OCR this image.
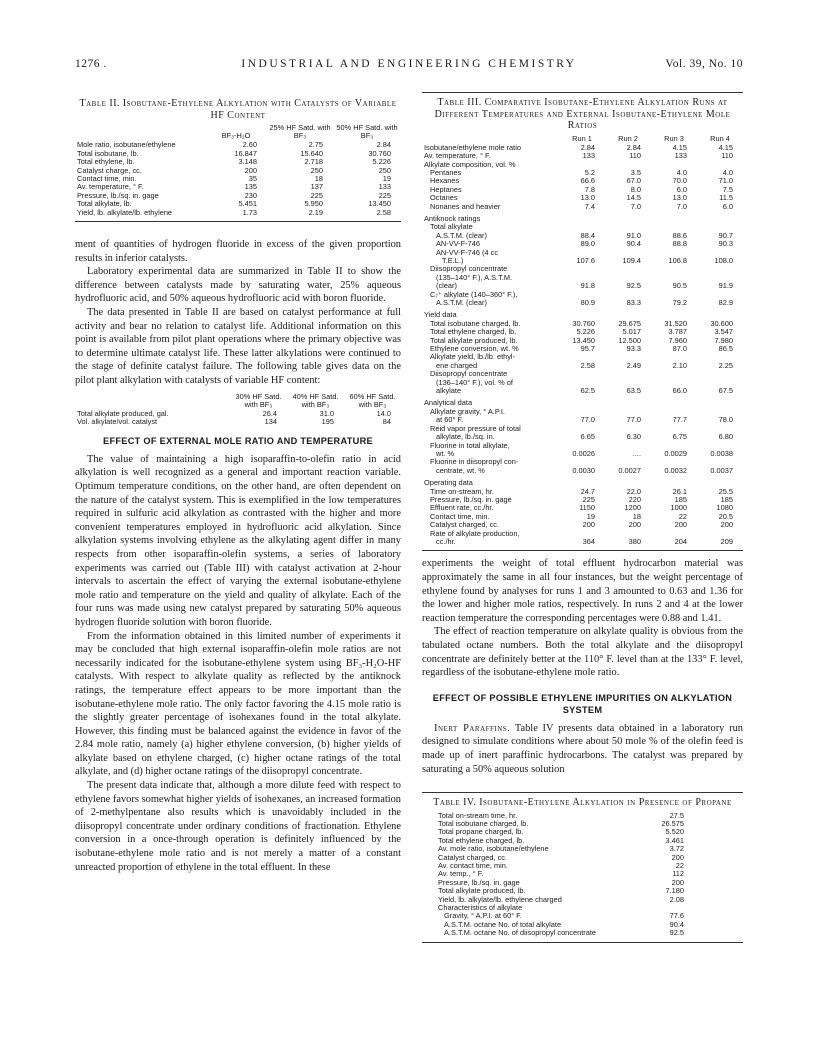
1276 .	INDUSTRIAL AND ENGINEERING CHEMISTRY	Vol. 39, No. 10
Table II. Isobutane-Ethylene Alkylation with Catalysts of Variable HF Content
	BF₃-H₂O	25% HF Satd. with BF₃	50% HF Satd. with BF₃
Mole ratio, isobutane/ethylene	2.60	2.75	2.84
Total isobutane, lb.	16.847	15.640	30.760
Total ethylene, lb.	3.148	2.718	5.226
Catalyst charge, cc.	200	250	250
Contact time, min.	35	18	19
Av. temperature, ° F.	135	137	133
Pressure, lb./sq. in. gage	230	225	225
Total alkylate, lb.	5.451	5.950	13.450
Yield, lb. alkylate/lb. ethylene	1.73	2.19	2.58

ment of quantities of hydrogen fluoride in excess of the given proportion results in inferior catalysts.

Laboratory experimental data are summarized in Table II to show the difference between catalysts made by saturating water, 25% aqueous hydrofluoric acid, and 50% aqueous hydrofluoric acid with boron fluoride.

The data presented in Table II are based on catalyst performance at full activity and bear no relation to catalyst life. Additional information on this point is available from pilot plant operations where the primary objective was to determine ultimate catalyst life. These latter alkylations were continued to the stage of definite catalyst failure. The following table gives data on the pilot plant alkylation with catalysts of variable HF content:

	30% HF Satd. with BF₃	40% HF Satd. with BF₃	60% HF Satd. with BF₃
Total alkylate produced, gal.	26.4	31.0	14.0
Vol. alkylate/vol. catalyst	134	195	84
EFFECT OF EXTERNAL MOLE RATIO AND TEMPERATURE

The value of maintaining a high isoparaffin-to-olefin ratio in acid alkylation is well recognized as a general and important reaction variable. Optimum temperature conditions, on the other hand, are often dependent on the nature of the catalyst system. This is exemplified in the low temperatures required in sulfuric acid alkylation as contrasted with the higher and more convenient temperatures employed in hydrofluoric acid alkylation. Since alkylation systems involving ethylene as the alkylating agent differ in many respects from other isoparaffin-olefin systems, a series of laboratory experiments was carried out (Table III) with catalyst activation at 2-hour intervals to ascertain the effect of varying the external isobutane-ethylene mole ratio and temperature on the yield and quality of alkylate. Each of the four runs was made using new catalyst prepared by saturating 50% aqueous hydrogen fluoride solution with boron fluoride.

From the information obtained in this limited number of experiments it may be concluded that high external isoparaffin-olefin mole ratios are not necessarily indicated for the isobutane-ethylene system using BF₃-H₂O-HF catalysts. With respect to alkylate quality as reflected by the antiknock ratings, the temperature effect appears to be more important than the isobutane-ethylene mole ratio. The only factor favoring the 4.15 mole ratio is the slightly greater percentage of isohexanes found in the total alkylate. However, this finding must be balanced against the evidence in favor of the 2.84 mole ratio, namely (a) higher ethylene conversion, (b) higher yields of alkylate based on ethylene charged, (c) higher octane ratings of the total alkylate, and (d) higher octane ratings of the diisopropyl concentrate.

The present data indicate that, although a more dilute feed with respect to ethylene favors somewhat higher yields of isohexanes, an increased formation of 2-methylpentane also results which is unavoidably included in the diisopropyl concentrate under ordinary conditions of fractionation. Ethylene conversion in a once-through operation is definitely influenced by the isobutane-ethylene mole ratio and is not merely a matter of a constant unreacted proportion of ethylene in the total effluent. In these

Table III. Comparative Isobutane-Ethylene Alkylation Runs at Different Temperatures and External Isobutane-Ethylene Mole Ratios
	Run 1	Run 2	Run 3	Run 4
Isobutane/ethylene mole ratio	2.84	2.84	4.15	4.15
Av. temperature, ° F.	133	110	133	110
Alkylate composition, vol. %				
Pentanes	5.2	3.5	4.0	4.0
Hexanes	66.6	67.0	70.0	71.0
Heptanes	7.8	8.0	6.0	7.5
Octanes	13.0	14.5	13.0	11.5
Nonanes and heavier	7.4	7.0	7.0	6.0
Antiknock ratings				
Total alkylate				
A.S.T.M. (clear)	88.4	91.0	88.6	90.7
AN-VV-F-746	89.0	90.4	88.8	90.3
AN-VV-F-746 (4 cc				
T.E.L.)	107.6	109.4	106.8	108.0
Diisopropyl concentrate				
(135–140° F.), A.S.T.M.				
(clear)	91.8	92.5	90.5	91.9
C₇⁺ alkylate (140–360° F.),				
A.S.T.M. (clear)	80.9	83.3	79.2	82.9
Yield data				
Total isobutane charged, lb.	30.760	29.675	31.520	30.600
Total ethylene charged, lb.	5.226	5.017	3.787	3.547
Total alkylate produced, lb.	13.450	12.500	7.960	7.980
Ethylene conversion, wt. %	95.7	93.3	87.0	86.5
Alkylate yield, lb./lb. ethyl-				
ene charged	2.58	2.49	2.10	2.25
Diisopropyl concentrate				
(136–140° F.), vol. % of				
alkylate	62.5	63.5	66.0	67.5
Analytical data				
Alkylate gravity, ° A.P.I.				
at 60° F.	77.0	77.0	77.7	78.0
Reid vapor pressure of total				
alkylate, lb./sq. in.	6.65	6.30	6.75	6.80
Fluorine in total alkylate,				
wt. %	0.0026	....	0.0029	0.0038
Fluorine in diisopropyl con-				
centrate, wt. %	0.0030	0.0027	0.0032	0.0037
Operating data				
Time on-stream, hr.	24.7	22.0	26.1	25.5
Pressure, lb./sq. in. gage	225	220	185	185
Effluent rate, cc./hr.	1150	1200	1000	1080
Contact time, min.	19	18	22	20.5
Catalyst charged, cc.	200	200	200	200
Rate of alkylate production,				
cc./hr.	364	380	204	209

experiments the weight of total effluent hydrocarbon material was approximately the same in all four instances, but the weight percentage of ethylene found by analyses for runs 1 and 3 amounted to 0.63 and 1.36 for the lower and higher mole ratios, respectively. In runs 2 and 4 at the lower reaction temperature the corresponding percentages were 0.88 and 1.41.

The effect of reaction temperature on alkylate quality is obvious from the tabulated octane numbers. Both the total alkylate and the diisopropyl concentrate are definitely better at the 110° F. level than at the 133° F. level, regardless of the isobutane-ethylene mole ratio.

EFFECT OF POSSIBLE ETHYLENE IMPURITIES ON ALKYLATION SYSTEM

Inert Paraffins. Table IV presents data obtained in a laboratory run designed to simulate conditions where about 50 mole % of the olefin feed is made up of inert paraffinic hydrocarbons. The catalyst was prepared by saturating a 50% aqueous solution

Table IV. Isobutane-Ethylene Alkylation in Presence of Propane
Total on-stream time, hr.	27.5
Total isobutane charged, lb.	26.575
Total propane charged, lb.	5.520
Total ethylene charged, lb.	3.461
Av. mole ratio, isobutane/ethylene	3.72
Catalyst charged, cc.	200
Av. contact time, min.	22
Av. temp., ° F.	112
Pressure, lb./sq. in. gage	200
Total alkylate produced, lb.	7.180
Yield, lb. alkylate/lb. ethylene charged	2.08
Characteristics of alkylate	
Gravity, ° A.P.I. at 60° F.	77.6
A.S.T.M. octane No. of total alkylate	90.4
A.S.T.M. octane No. of diisopropyl concentrate	92.5
